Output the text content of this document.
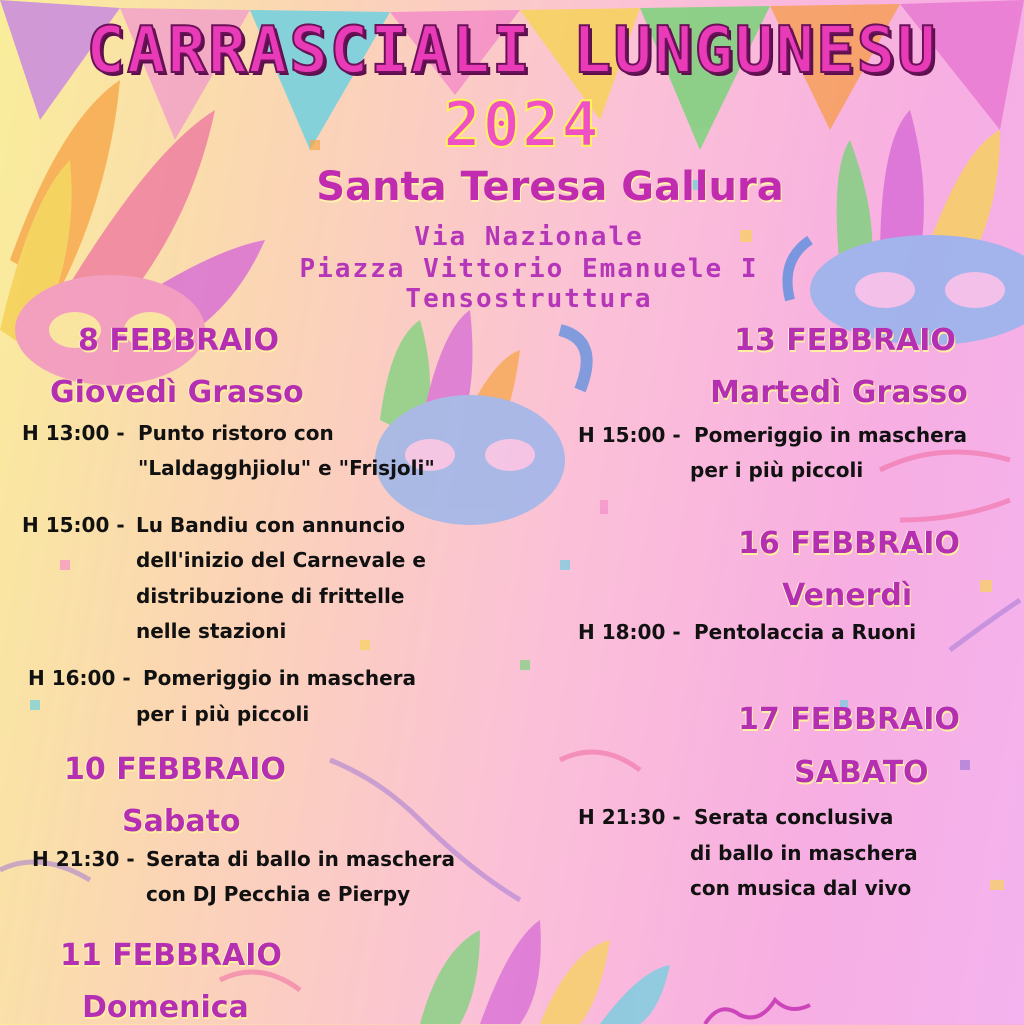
CARRASCIALI LUNGUNESU
2024
Santa Teresa Gallura
Via Nazionale
Piazza Vittorio Emanuele I
Tensostruttura
8 FEBBRAIO
Giovedì Grasso
H 13:00 - Punto ristoro con
"Laldagghjiolu" e "Frisjoli"
H 15:00 - Lu Bandiu con annuncio
dell'inizio del Carnevale e
distribuzione di frittelle
nelle stazioni
H 16:00 - Pomeriggio in maschera
per i più piccoli
10 FEBBRAIO
Sabato
H 21:30 - Serata di ballo in maschera
con DJ Pecchia e Pierpy
11 FEBBRAIO
Domenica
13 FEBBRAIO
Martedì Grasso
H 15:00 - Pomeriggio in maschera
per i più piccoli
16 FEBBRAIO
Venerdì
H 18:00 - Pentolaccia a Ruoni
17 FEBBRAIO
SABATO
H 21:30 - Serata conclusiva
di ballo in maschera
con musica dal vivo
